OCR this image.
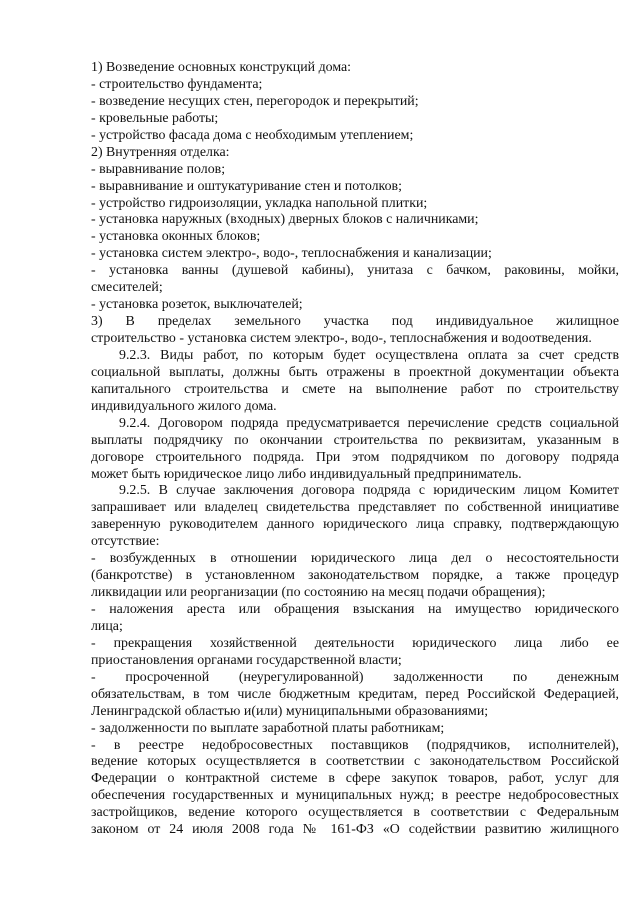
1) Возведение основных конструкций дома:
- строительство фундамента;
- возведение несущих стен, перегородок и перекрытий;
- кровельные работы;
- устройство фасада дома с необходимым утеплением;
2) Внутренняя отделка:
- выравнивание полов;
- выравнивание и оштукатуривание стен и потолков;
- устройство гидроизоляции, укладка напольной плитки;
- установка наружных (входных) дверных блоков с наличниками;
- установка оконных блоков;
- установка систем электро-, водо-, теплоснабжения и канализации;
- установка ванны (душевой кабины), унитаза с бачком, раковины, мойки,
смесителей;
- установка розеток, выключателей;
3) В пределах земельного участка под индивидуальное жилищное
строительство - установка систем электро-, водо-, теплоснабжения и водоотведения.
9.2.3. Виды работ, по которым будет осуществлена оплата за счет средств
социальной выплаты, должны быть отражены в проектной документации объекта
капитального строительства и смете на выполнение работ по строительству
индивидуального жилого дома.
9.2.4. Договором подряда предусматривается перечисление средств социальной
выплаты подрядчику по окончании строительства по реквизитам, указанным в
договоре строительного подряда. При этом подрядчиком по договору подряда
может быть юридическое лицо либо индивидуальный предприниматель.
9.2.5. В случае заключения договора подряда с юридическим лицом Комитет
запрашивает или владелец свидетельства представляет по собственной инициативе
заверенную руководителем данного юридического лица справку, подтверждающую
отсутствие:
- возбужденных в отношении юридического лица дел о несостоятельности
(банкротстве) в установленном законодательством порядке, а также процедур
ликвидации или реорганизации (по состоянию на месяц подачи обращения);
- наложения ареста или обращения взыскания на имущество юридического
лица;
- прекращения хозяйственной деятельности юридического лица либо ее
приостановления органами государственной власти;
- просроченной (неурегулированной) задолженности по денежным
обязательствам, в том числе бюджетным кредитам, перед Российской Федерацией,
Ленинградской областью и(или) муниципальными образованиями;
- задолженности по выплате заработной платы работникам;
- в реестре недобросовестных поставщиков (подрядчиков, исполнителей),
ведение которых осуществляется в соответствии с законодательством Российской
Федерации о контрактной системе в сфере закупок товаров, работ, услуг для
обеспечения государственных и муниципальных нужд; в реестре недобросовестных
застройщиков, ведение которого осуществляется в соответствии с Федеральным
законом от 24 июля 2008 года № 161-ФЗ «О содействии развитию жилищного
